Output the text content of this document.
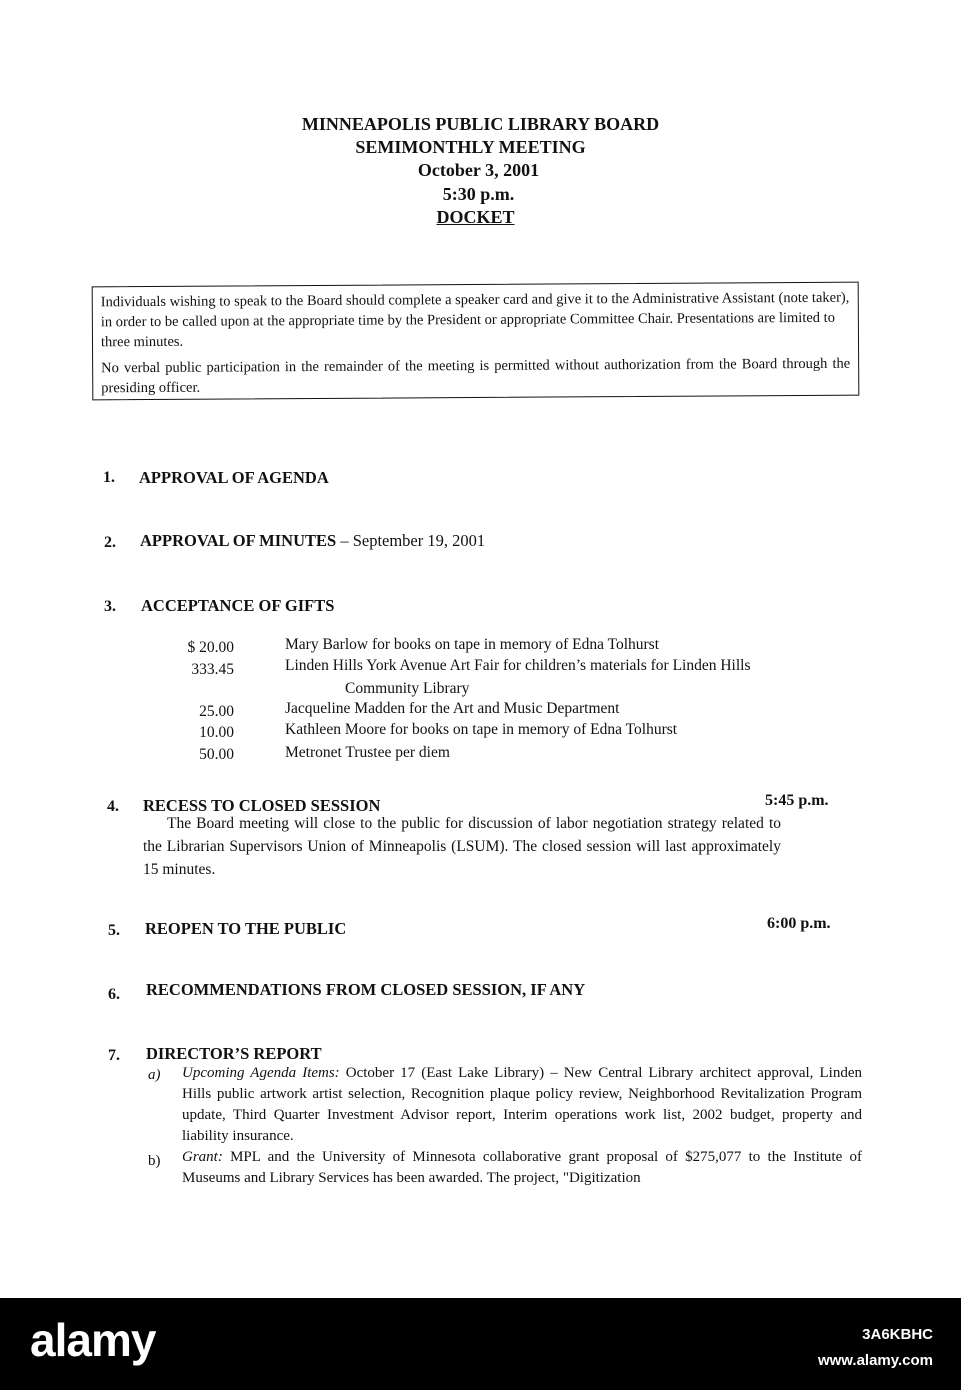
MINNEAPOLIS PUBLIC LIBRARY BOARD
SEMIMONTHLY MEETING
October 3, 2001
5:30 p.m.
DOCKET

Individuals wishing to speak to the Board should complete a speaker card and give it to the Administrative Assistant (note taker), in order to be called upon at the appropriate time by the President or appropriate Committee Chair. Presentations are limited to three minutes.

No verbal public participation in the remainder of the meeting is permitted without authorization from the Board through the presiding officer.

1. APPROVAL OF AGENDA
2. APPROVAL OF MINUTES – September 19, 2001
3. ACCEPTANCE OF GIFTS
$ 20.00	Mary Barlow for books on tape in memory of Edna Tolhurst
333.45	Linden Hills York Avenue Art Fair for children’s materials for Linden Hills
Community Library
25.00	Jacqueline Madden for the Art and Music Department
10.00	Kathleen Moore for books on tape in memory of Edna Tolhurst
50.00	Metronet Trustee per diem
4. RECESS TO CLOSED SESSION	5:45 p.m.
The Board meeting will close to the public for discussion of labor negotiation strategy related to the Librarian Supervisors Union of Minneapolis (LSUM). The closed session will last approximately 15 minutes.
5. REOPEN TO THE PUBLIC	6:00 p.m.
6. RECOMMENDATIONS FROM CLOSED SESSION, IF ANY
7. DIRECTOR’S REPORT
a) Upcoming Agenda Items: October 17 (East Lake Library) – New Central Library architect approval, Linden Hills public artwork artist selection, Recognition plaque policy review, Neighborhood Revitalization Program update, Third Quarter Investment Advisor report, Interim operations work list, 2002 budget, property and liability insurance.
b) Grant: MPL and the University of Minnesota collaborative grant proposal of $275,077 to the Institute of Museums and Library Services has been awarded. The project, "Digitization
alamy	3A6KBHC
www.alamy.com
